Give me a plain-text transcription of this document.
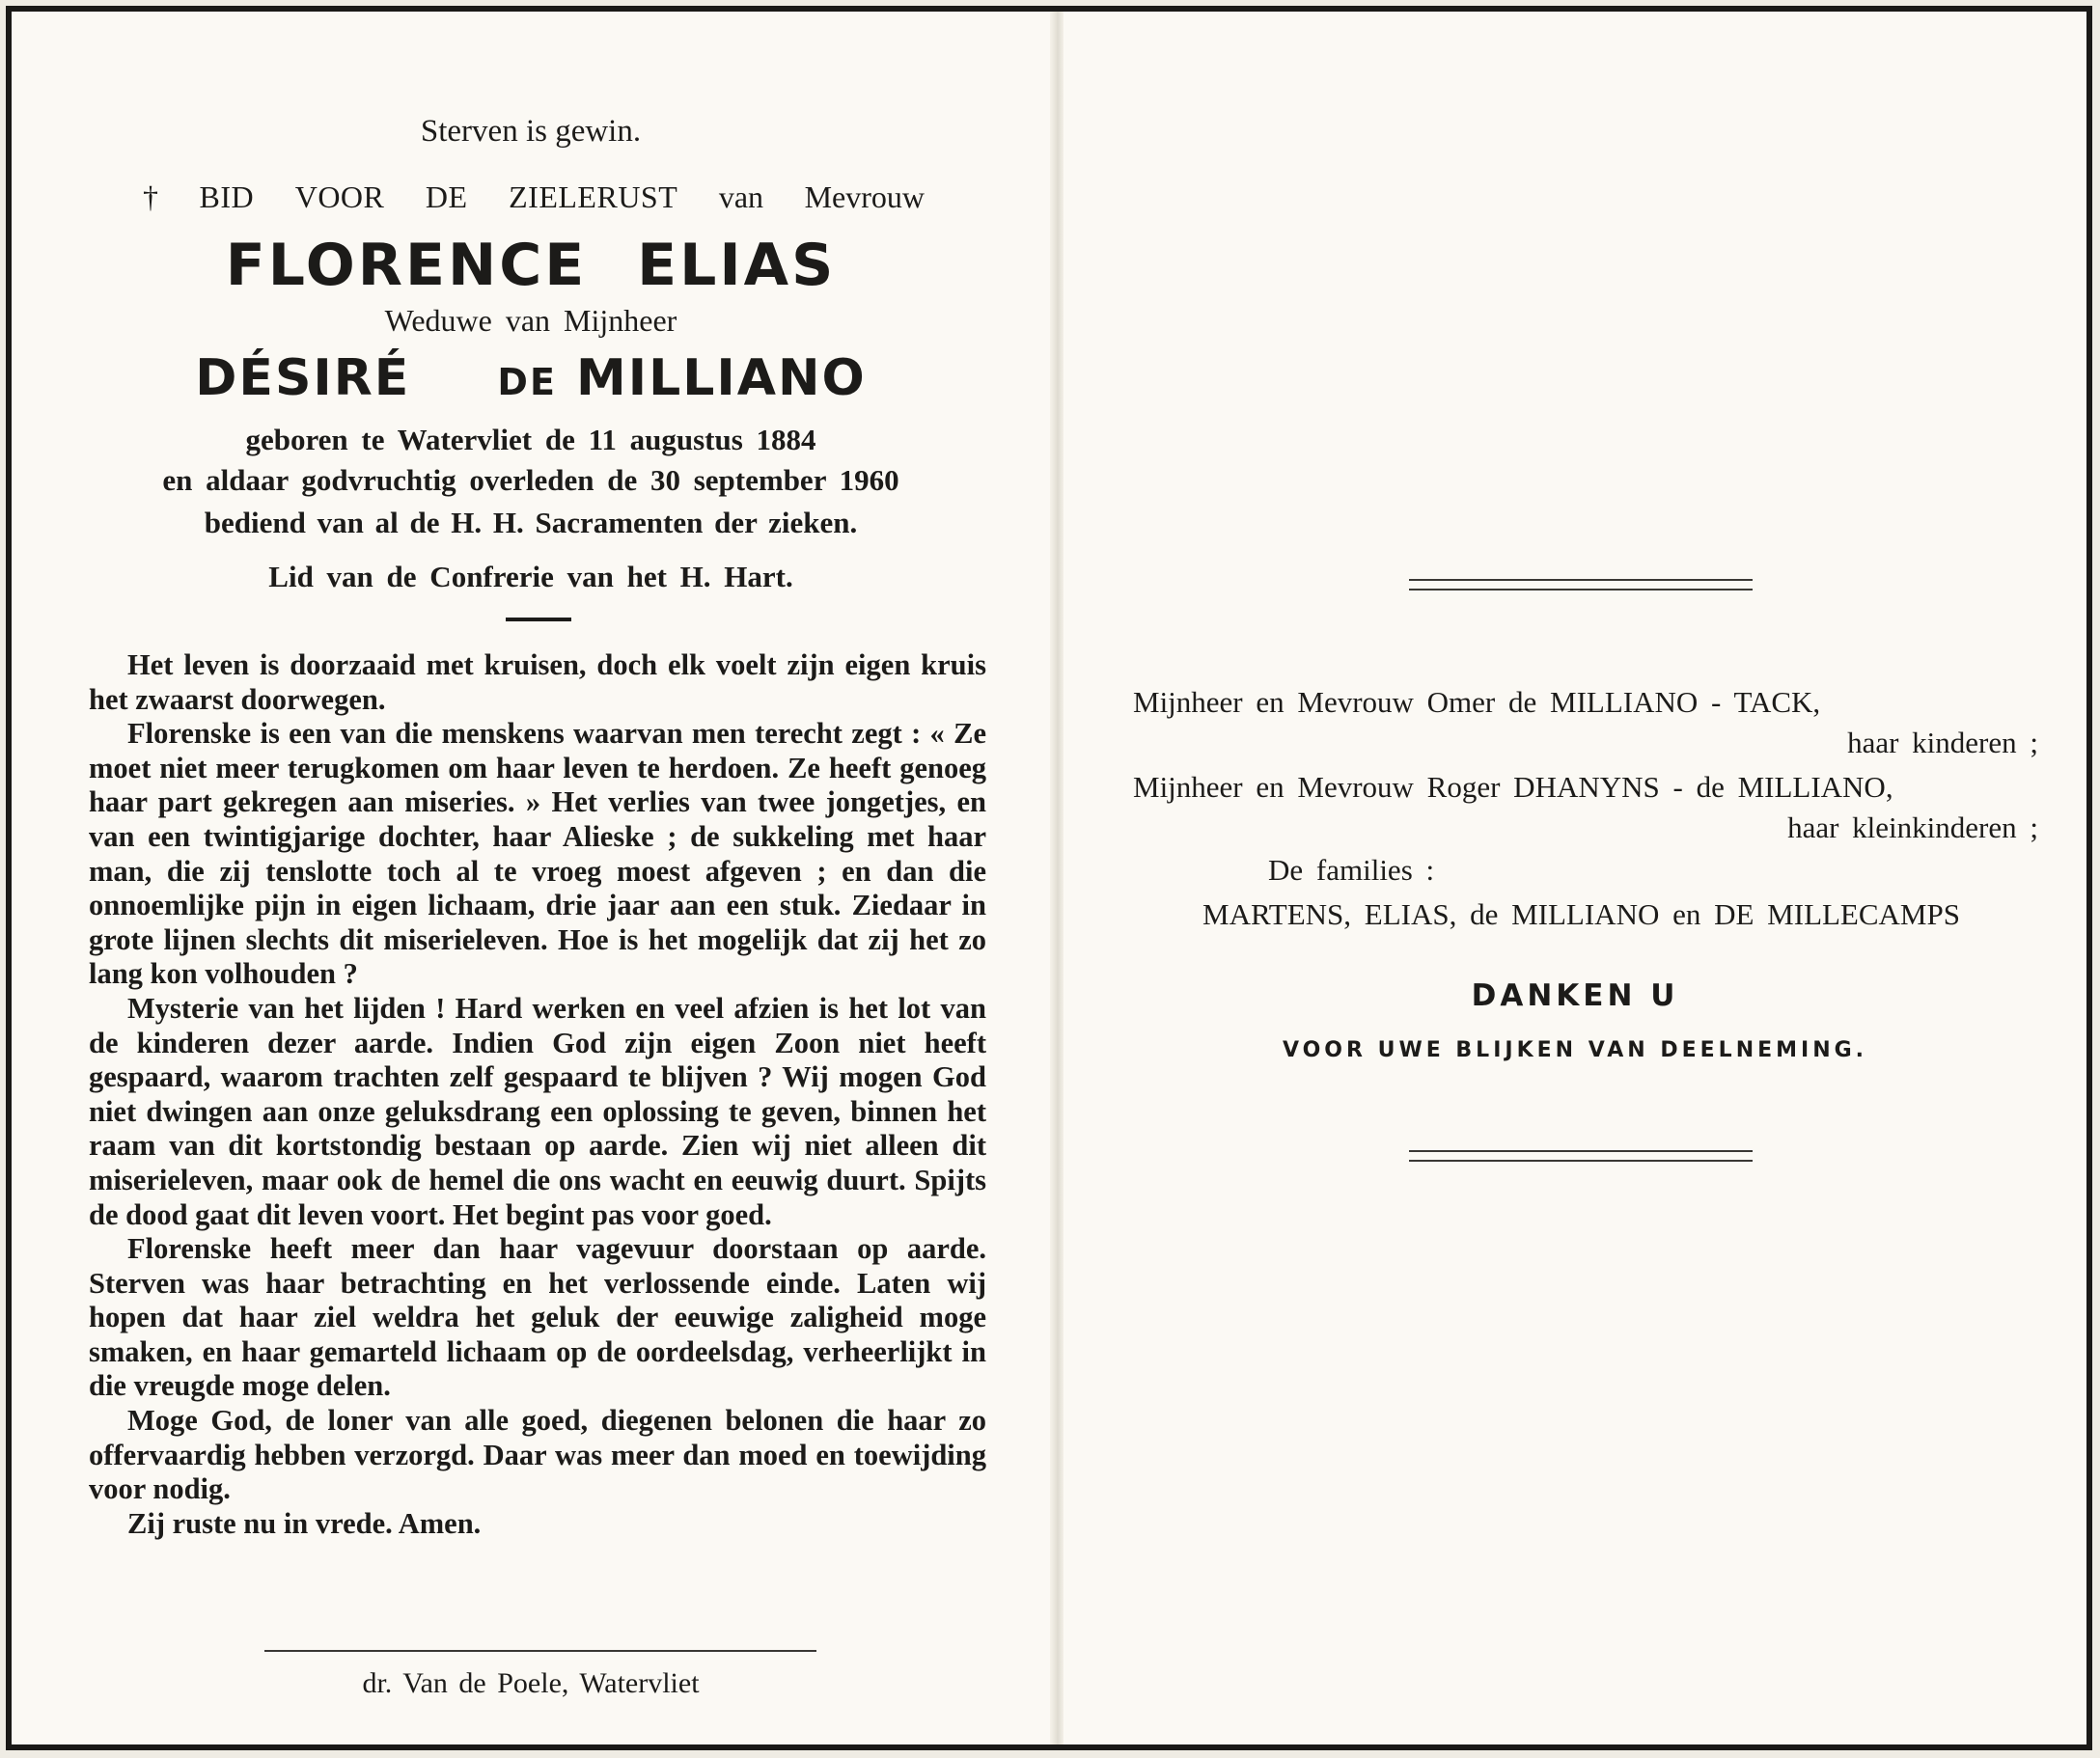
Sterven is gewin.
† BID VOOR DE ZIELERUST van Mevrouw
FLORENCE ELIAS
Weduwe van Mijnheer
DÉSIRÉ DE MILLIANO
geboren te Watervliet de 11 augustus 1884
en aldaar godvruchtig overleden de 30 september 1960
bediend van al de H. H. Sacramenten der zieken.
Lid van de Confrerie van het H. Hart.

Het leven is doorzaaid met kruisen, doch elk voelt zijn eigen kruis het zwaarst doorwegen.

Florenske is een van die menskens waarvan men terecht zegt : « Ze moet niet meer terugkomen om haar leven te herdoen. Ze heeft genoeg haar part gekregen aan miseries. » Het verlies van twee jongetjes, en van een twintigjarige dochter, haar Alieske ; de sukkeling met haar man, die zij tenslotte toch al te vroeg moest afgeven ; en dan die onnoemlijke pijn in eigen lichaam, drie jaar aan een stuk. Ziedaar in grote lijnen slechts dit miserieleven. Hoe is het mogelijk dat zij het zo lang kon volhouden ?

Mysterie van het lijden ! Hard werken en veel afzien is het lot van de kinderen dezer aarde. Indien God zijn eigen Zoon niet heeft gespaard, waarom trachten zelf gespaard te blijven ? Wij mogen God niet dwingen aan onze geluksdrang een oplossing te geven, binnen het raam van dit kortstondig bestaan op aarde. Zien wij niet alleen dit miserieleven, maar ook de hemel die ons wacht en eeuwig duurt. Spijts de dood gaat dit leven voort. Het begint pas voor goed.

Florenske heeft meer dan haar vagevuur doorstaan op aarde. Sterven was haar betrachting en het verlossende einde. Laten wij hopen dat haar ziel weldra het geluk der eeuwige zaligheid moge smaken, en haar gemarteld lichaam op de oordeelsdag, verheerlijkt in die vreugde moge delen.

Moge God, de loner van alle goed, diegenen belonen die haar zo offervaardig hebben verzorgd. Daar was meer dan moed en toewijding voor nodig.

Zij ruste nu in vrede. Amen.

dr. Van de Poele, Watervliet
Mijnheer en Mevrouw Omer de MILLIANO - TACK,
haar kinderen ;
Mijnheer en Mevrouw Roger DHANYNS - de MILLIANO,
haar kleinkinderen ;
De families :
MARTENS, ELIAS, de MILLIANO en DE MILLECAMPS
DANKEN U
VOOR UWE BLIJKEN VAN DEELNEMING.
